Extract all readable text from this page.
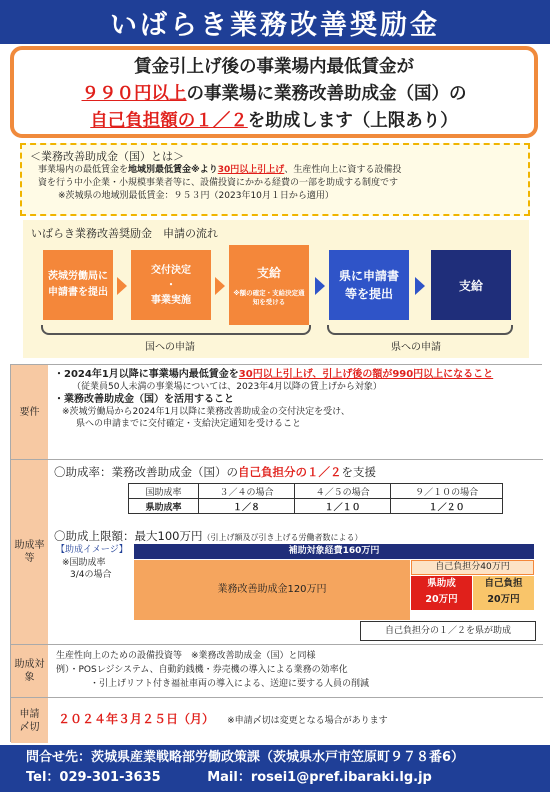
いばらき業務改善奨励金
賃金引上げ後の事業場内最低賃金が
９９０円以上の事業場に業務改善助成金（国）の
自己負担額の１／２を助成します（上限あり）
＜業務改善助成金（国）とは＞
事業場内の最低賃金を地域別最低賃金※より30円以上引上げ、生産性向上に資する設備投
資を行う中小企業・小規模事業者等に、設備投資にかかる経費の一部を助成する制度です
※茨城県の地域別最低賃金：９５３円（2023年10月１日から適用）
いばらき業務改善奨励金　申請の流れ
茨城労働局に申請書を提出
交付決定
・
事業実施
支給
※額の確定・支給決定通知を受ける
県に申請書等を提出
支給
国への申請	県への申請
要件
・2024年1月以降に事業場内最低賃金を30円以上引上げ、引上げ後の額が990円以上になること
（従業員50人未満の事業場については、2023年4月以降の賃上げから対象）
・業務改善助成金（国）を活用すること
※茨城労働局から2024年1月以降に業務改善助成金の交付決定を受け、
県への申請までに交付確定・支給決定通知を受けること
助成率等
〇助成率：業務改善助成金（国）の自己負担分の１／２を支援
国助成率	３／４の場合	４／５の場合	９／１０の場合
県助成率	１／８	１／１０	１／２０
〇助成上限額：最大100万円（引上げ額及び引き上げる労働者数による）
【助成イメージ】
※国助成率
3/4の場合
補助対象経費160万円
業務改善助成金120万円
自己負担分40万円
県助成
20万円
自己負担
20万円
自己負担分の１／２を県が助成
助成対象
生産性向上のための設備投資等　※業務改善助成金（国）と同様
例）・POSレジシステム、自動釣銭機・券売機の導入による業務の効率化
・引上げリフト付き福祉車両の導入による、送迎に要する人員の削減
申請〆切
２０２４年３月２５日（月） ※申請〆切は変更となる場合があります
問合せ先：茨城県産業戦略部労働政策課（茨城県水戸市笠原町９７８番6）
Tel：029-301-3635	Mail：rosei1@pref.ibaraki.lg.jp
